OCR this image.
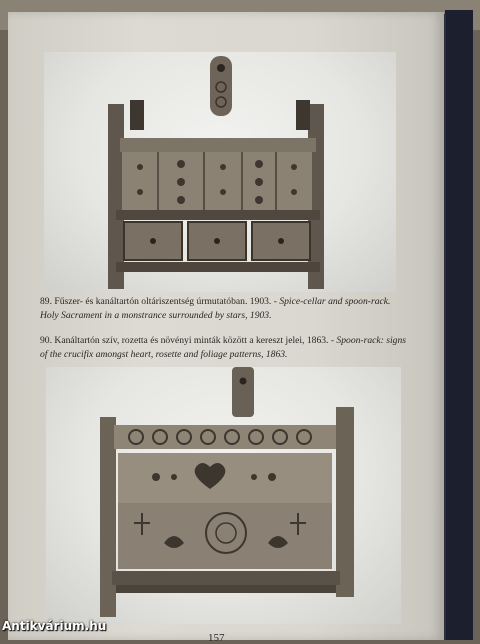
89. Fűszer- és kanáltartón oltáriszentség úrmutatóban. 1903. - Spice-cellar and spoon-rack. Holy Sacrament in a monstrance surrounded by stars, 1903.
90. Kanáltartón szív, rozetta és növényi minták között a kereszt jelei, 1863. - Spoon-rack: signs of the crucifix amongst heart, rosette and foliage patterns, 1863.
157
Antikvárium.hu
